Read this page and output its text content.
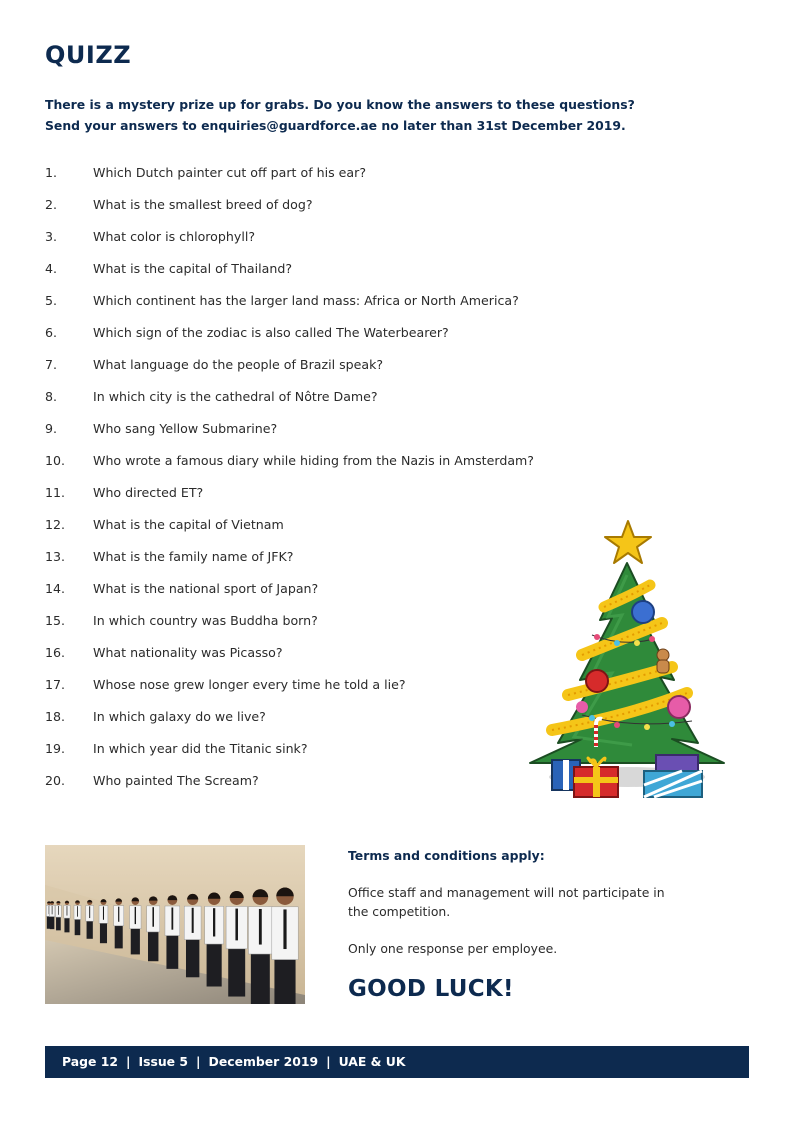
QUIZZ
There is a mystery prize up for grabs. Do you know the answers to these questions?
Send your answers to enquiries@guardforce.ae no later than 31st December 2019.
1.	Which Dutch painter cut off part of his ear?
2.	What is the smallest breed of dog?
3.	What color is chlorophyll?
4.	What is the capital of Thailand?
5.	Which continent has the larger land mass: Africa or North America?
6.	Which sign of the zodiac is also called The Waterbearer?
7.	What language do the people of Brazil speak?
8.	In which city is the cathedral of Nôtre Dame?
9.	Who sang Yellow Submarine?
10.	Who wrote a famous diary while hiding from the Nazis in Amsterdam?
11.	Who directed ET?
12.	What is the capital of Vietnam
13.	What is the family name of JFK?
14.	What is the national sport of Japan?
15.	In which country was Buddha born?
16.	What nationality was Picasso?
17.	Whose nose grew longer every time he told a lie?
18.	In which galaxy do we live?
19.	In which year did the Titanic sink?
20.	Who painted The Scream?
Terms and conditions apply:

Office staff and management will not participate in the competition.

Only one response per employee.

GOOD LUCK!
Page 12 | Issue 5 | December 2019 | UAE & UK
